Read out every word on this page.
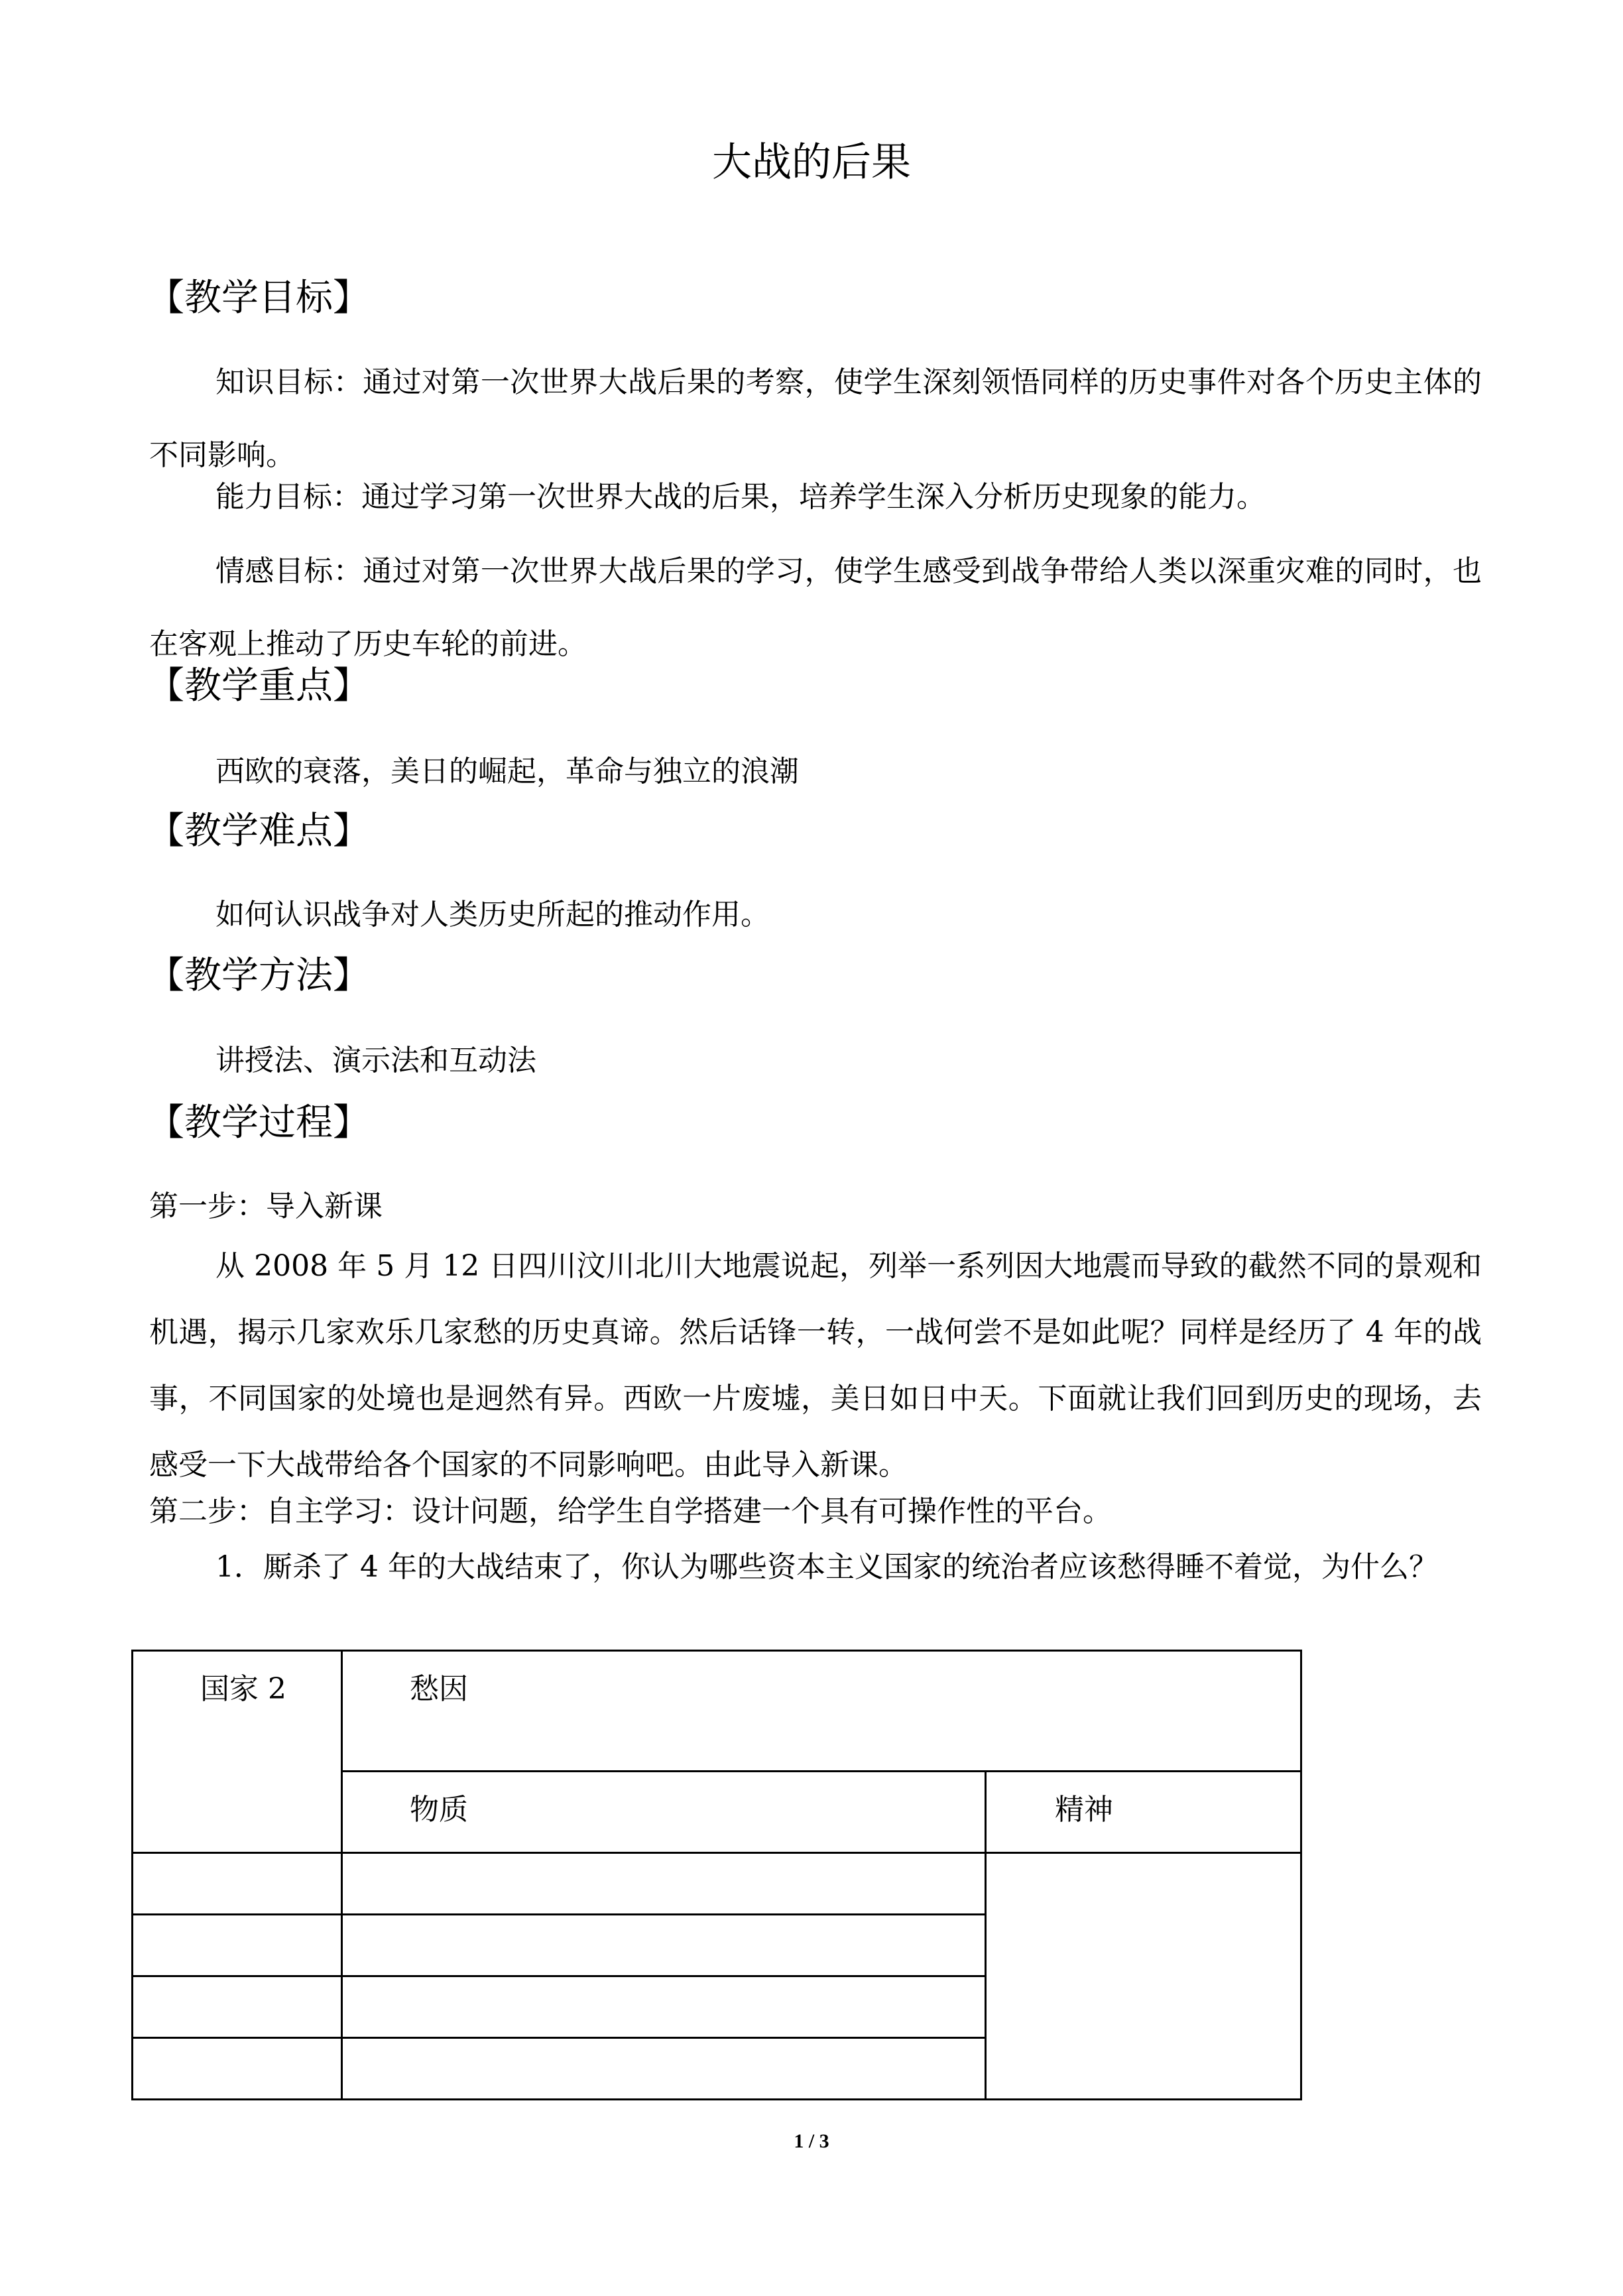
大战的后果
【教学目标】

知识目标：通过对第一次世界大战后果的考察，使学生深刻领悟同样的历史事件对各个历史主体的不同影响。

能力目标：通过学习第一次世界大战的后果，培养学生深入分析历史现象的能力。

情感目标：通过对第一次世界大战后果的学习，使学生感受到战争带给人类以深重灾难的同时，也在客观上推动了历史车轮的前进。

【教学重点】
西欧的衰落，美日的崛起，革命与独立的浪潮
【教学难点】
如何认识战争对人类历史所起的推动作用。
【教学方法】
讲授法、演示法和互动法
【教学过程】
第一步：导入新课

从 2008 年 5 月 12 日四川汶川北川大地震说起，列举一系列因大地震而导致的截然不同的景观和机遇，揭示几家欢乐几家愁的历史真谛。然后话锋一转，一战何尝不是如此呢？同样是经历了 4 年的战事，不同国家的处境也是迥然有异。西欧一片废墟，美日如日中天。下面就让我们回到历史的现场，去感受一下大战带给各个国家的不同影响吧。由此导入新课。

第二步：自主学习：设计问题，给学生自学搭建一个具有可操作性的平台。

1．厮杀了 4 年的大战结束了，你认为哪些资本主义国家的统治者应该愁得睡不着觉，为什么？

国家 2	愁因
物质	精神
1 / 3
